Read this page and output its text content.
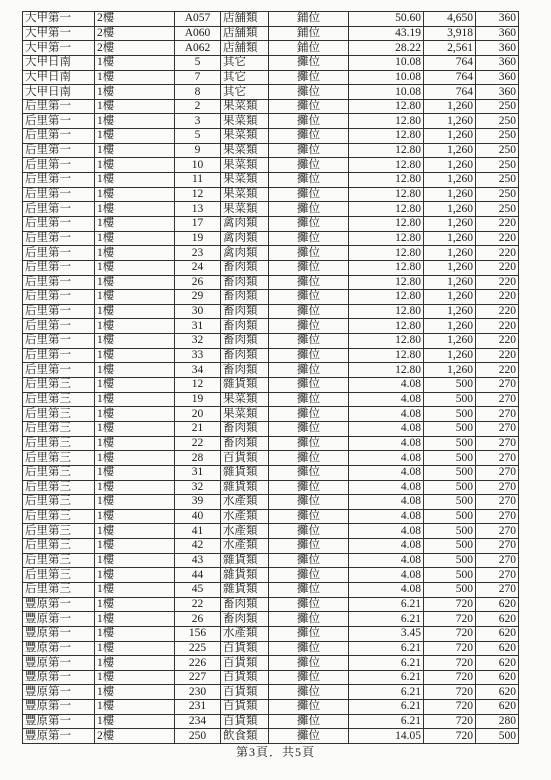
大甲第一	2樓	A057	店舖類	鋪位	50.60	4,650	360
大甲第一	2樓	A060	店舖類	鋪位	43.19	3,918	360
大甲第一	2樓	A062	店舖類	鋪位	28.22	2,561	360
大甲日南	1樓	5	其它	攤位	10.08	764	360
大甲日南	1樓	7	其它	攤位	10.08	764	360
大甲日南	1樓	8	其它	攤位	10.08	764	360
后里第一	1樓	2	果菜類	攤位	12.80	1,260	250
后里第一	1樓	3	果菜類	攤位	12.80	1,260	250
后里第一	1樓	5	果菜類	攤位	12.80	1,260	250
后里第一	1樓	9	果菜類	攤位	12.80	1,260	250
后里第一	1樓	10	果菜類	攤位	12.80	1,260	250
后里第一	1樓	11	果菜類	攤位	12.80	1,260	250
后里第一	1樓	12	果菜類	攤位	12.80	1,260	250
后里第一	1樓	13	果菜類	攤位	12.80	1,260	250
后里第一	1樓	17	禽肉類	攤位	12.80	1,260	220
后里第一	1樓	19	禽肉類	攤位	12.80	1,260	220
后里第一	1樓	23	禽肉類	攤位	12.80	1,260	220
后里第一	1樓	24	畜肉類	攤位	12.80	1,260	220
后里第一	1樓	26	畜肉類	攤位	12.80	1,260	220
后里第一	1樓	29	畜肉類	攤位	12.80	1,260	220
后里第一	1樓	30	畜肉類	攤位	12.80	1,260	220
后里第一	1樓	31	畜肉類	攤位	12.80	1,260	220
后里第一	1樓	32	畜肉類	攤位	12.80	1,260	220
后里第一	1樓	33	畜肉類	攤位	12.80	1,260	220
后里第一	1樓	34	畜肉類	攤位	12.80	1,260	220
后里第三	1樓	12	雜貨類	攤位	4.08	500	270
后里第三	1樓	19	果菜類	攤位	4.08	500	270
后里第三	1樓	20	果菜類	攤位	4.08	500	270
后里第三	1樓	21	畜肉類	攤位	4.08	500	270
后里第三	1樓	22	畜肉類	攤位	4.08	500	270
后里第三	1樓	28	百貨類	攤位	4.08	500	270
后里第三	1樓	31	雜貨類	攤位	4.08	500	270
后里第三	1樓	32	雜貨類	攤位	4.08	500	270
后里第三	1樓	39	水產類	攤位	4.08	500	270
后里第三	1樓	40	水產類	攤位	4.08	500	270
后里第三	1樓	41	水產類	攤位	4.08	500	270
后里第三	1樓	42	水產類	攤位	4.08	500	270
后里第三	1樓	43	雜貨類	攤位	4.08	500	270
后里第三	1樓	44	雜貨類	攤位	4.08	500	270
后里第三	1樓	45	雜貨類	攤位	4.08	500	270
豐原第一	1樓	22	畜肉類	攤位	6.21	720	620
豐原第一	1樓	26	畜肉類	攤位	6.21	720	620
豐原第一	1樓	156	水產類	攤位	3.45	720	620
豐原第一	1樓	225	百貨類	攤位	6.21	720	620
豐原第一	1樓	226	百貨類	攤位	6.21	720	620
豐原第一	1樓	227	百貨類	攤位	6.21	720	620
豐原第一	1樓	230	百貨類	攤位	6.21	720	620
豐原第一	1樓	231	百貨類	攤位	6.21	720	620
豐原第一	1樓	234	百貨類	攤位	6.21	720	280
豐原第一	2樓	250	飲食類	攤位	14.05	720	500
第3頁．共5頁
